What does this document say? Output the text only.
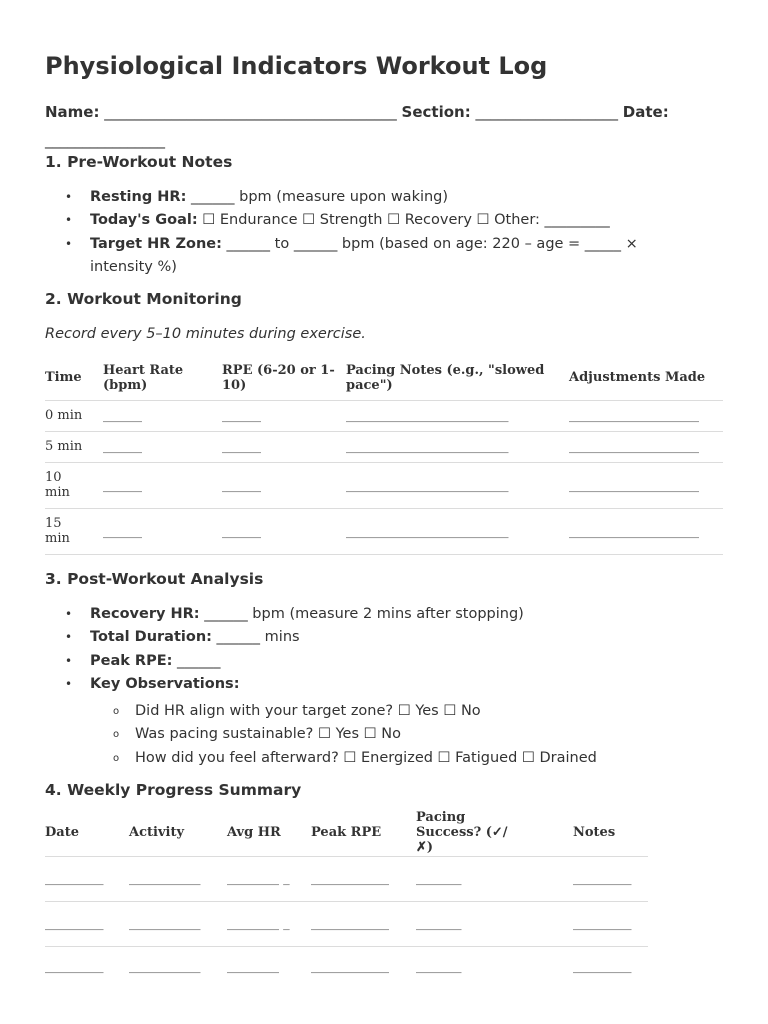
Physiological Indicators Workout Log
Name: _______________________________________ Section: ___________________ Date:
________________
1. Pre-Workout Notes
• Resting HR: ______ bpm (measure upon waking)
• Today's Goal: ☐ Endurance ☐ Strength ☐ Recovery ☐ Other: _________
• Target HR Zone: ______ to ______ bpm (based on age: 220 – age = _____ × intensity %)
2. Workout Monitoring
Record every 5–10 minutes during exercise.
Time	Heart Rate (bpm)	RPE (6-20 or 1-10)	Pacing Notes (e.g., "slowed pace")	Adjustments Made
0 min	______	______	_________________________	____________________
5 min	______	______	_________________________	____________________
10 min	______	______	_________________________	____________________
15 min	______	______	_________________________	____________________
3. Post-Workout Analysis
• Recovery HR: ______ bpm (measure 2 mins after stopping)
• Total Duration: ______ mins
• Peak RPE: ______
• Key Observations:
o Did HR align with your target zone? ☐ Yes ☐ No
o Was pacing sustainable? ☐ Yes ☐ No
o How did you feel afterward? ☐ Energized ☐ Fatigued ☐ Drained
4. Weekly Progress Summary
Date	Activity	Avg HR	Peak RPE	Pacing Success? (✓/✗)	Notes
_________	___________	________ _	____________	_______	_________
_________	___________	________ _	____________	_______	_________
_________	___________	________	____________	_______	_________
